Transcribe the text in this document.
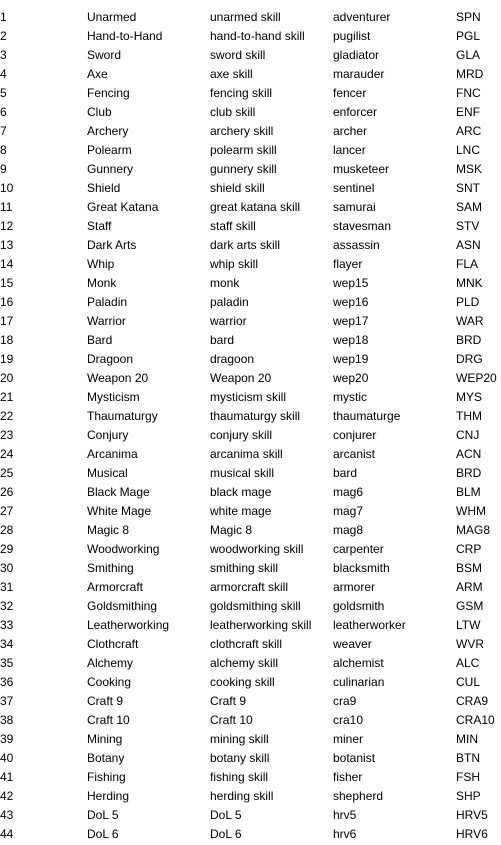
1	Unarmed	unarmed skill	adventurer	SPN
2	Hand-to-Hand	hand-to-hand skill	pugilist	PGL
3	Sword	sword skill	gladiator	GLA
4	Axe	axe skill	marauder	MRD
5	Fencing	fencing skill	fencer	FNC
6	Club	club skill	enforcer	ENF
7	Archery	archery skill	archer	ARC
8	Polearm	polearm skill	lancer	LNC
9	Gunnery	gunnery skill	musketeer	MSK
10	Shield	shield skill	sentinel	SNT
11	Great Katana	great katana skill	samurai	SAM
12	Staff	staff skill	stavesman	STV
13	Dark Arts	dark arts skill	assassin	ASN
14	Whip	whip skill	flayer	FLA
15	Monk	monk	wep15	MNK
16	Paladin	paladin	wep16	PLD
17	Warrior	warrior	wep17	WAR
18	Bard	bard	wep18	BRD
19	Dragoon	dragoon	wep19	DRG
20	Weapon 20	Weapon 20	wep20	WEP20
21	Mysticism	mysticism skill	mystic	MYS
22	Thaumaturgy	thaumaturgy skill	thaumaturge	THM
23	Conjury	conjury skill	conjurer	CNJ
24	Arcanima	arcanima skill	arcanist	ACN
25	Musical	musical skill	bard	BRD
26	Black Mage	black mage	mag6	BLM
27	White Mage	white mage	mag7	WHM
28	Magic 8	Magic 8	mag8	MAG8
29	Woodworking	woodworking skill	carpenter	CRP
30	Smithing	smithing skill	blacksmith	BSM
31	Armorcraft	armorcraft skill	armorer	ARM
32	Goldsmithing	goldsmithing skill	goldsmith	GSM
33	Leatherworking	leatherworking skill	leatherworker	LTW
34	Clothcraft	clothcraft skill	weaver	WVR
35	Alchemy	alchemy skill	alchemist	ALC
36	Cooking	cooking skill	culinarian	CUL
37	Craft 9	Craft 9	cra9	CRA9
38	Craft 10	Craft 10	cra10	CRA10
39	Mining	mining skill	miner	MIN
40	Botany	botany skill	botanist	BTN
41	Fishing	fishing skill	fisher	FSH
42	Herding	herding skill	shepherd	SHP
43	DoL 5	DoL 5	hrv5	HRV5
44	DoL 6	DoL 6	hrv6	HRV6
